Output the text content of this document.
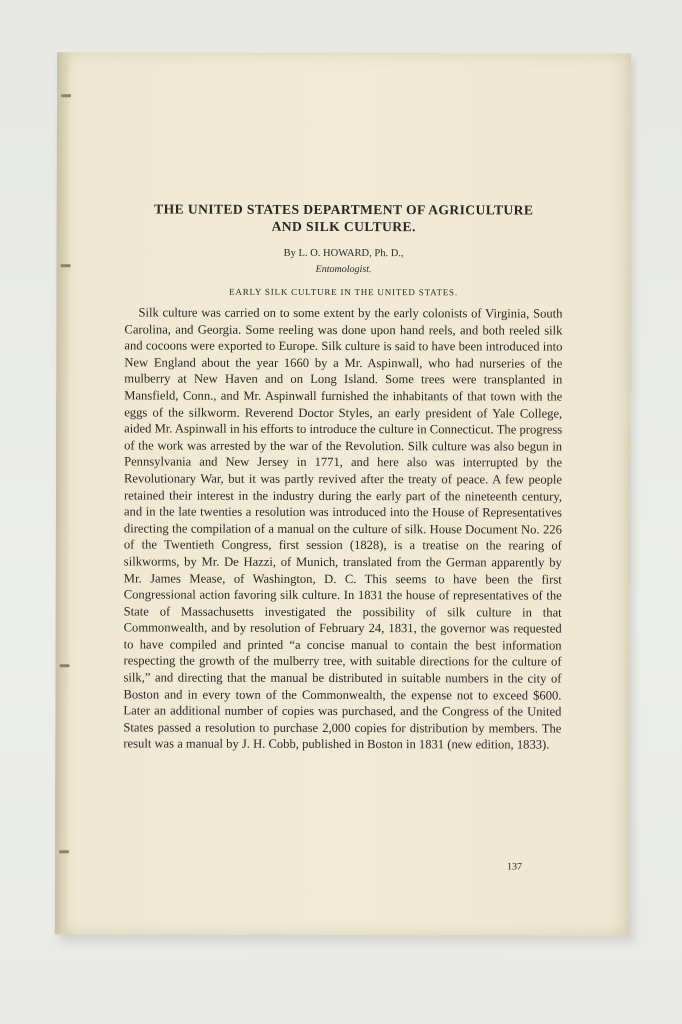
THE UNITED STATES DEPARTMENT OF AGRICULTURE
AND SILK CULTURE.
By L. O. HOWARD, Ph. D.,
Entomologist.
EARLY SILK CULTURE IN THE UNITED STATES.

Silk culture was carried on to some extent by the early colonists of Virginia, South Carolina, and Georgia. Some reeling was done upon hand reels, and both reeled silk and cocoons were exported to Europe. Silk culture is said to have been introduced into New England about the year 1660 by a Mr. Aspinwall, who had nurseries of the mulberry at New Haven and on Long Island. Some trees were transplanted in Mansfield, Conn., and Mr. Aspinwall furnished the inhabitants of that town with the eggs of the silkworm. Reverend Doctor Styles, an early president of Yale College, aided Mr. Aspinwall in his efforts to introduce the culture in Connecticut. The progress of the work was arrested by the war of the Revolution. Silk culture was also begun in Pennsylvania and New Jersey in 1771, and here also was interrupted by the Revolutionary War, but it was partly revived after the treaty of peace. A few people retained their interest in the industry during the early part of the nineteenth century, and in the late twenties a resolution was introduced into the House of Representatives directing the compilation of a manual on the culture of silk. House Document No. 226 of the Twentieth Congress, first session (1828), is a treatise on the rearing of silkworms, by Mr. De Hazzi, of Munich, translated from the German apparently by Mr. James Mease, of Washington, D. C. This seems to have been the first Congressional action favoring silk culture. In 1831 the house of representatives of the State of Massachusetts investigated the possibility of silk culture in that Commonwealth, and by resolution of February 24, 1831, the governor was requested to have compiled and printed “a concise manual to contain the best information respecting the growth of the mulberry tree, with suitable directions for the culture of silk,” and directing that the manual be distributed in suitable numbers in the city of Boston and in every town of the Commonwealth, the expense not to exceed $600. Later an additional number of copies was purchased, and the Congress of the United States passed a resolution to purchase 2,000 copies for distribution by members. The result was a manual by J. H. Cobb, published in Boston in 1831 (new edition, 1833).

137
